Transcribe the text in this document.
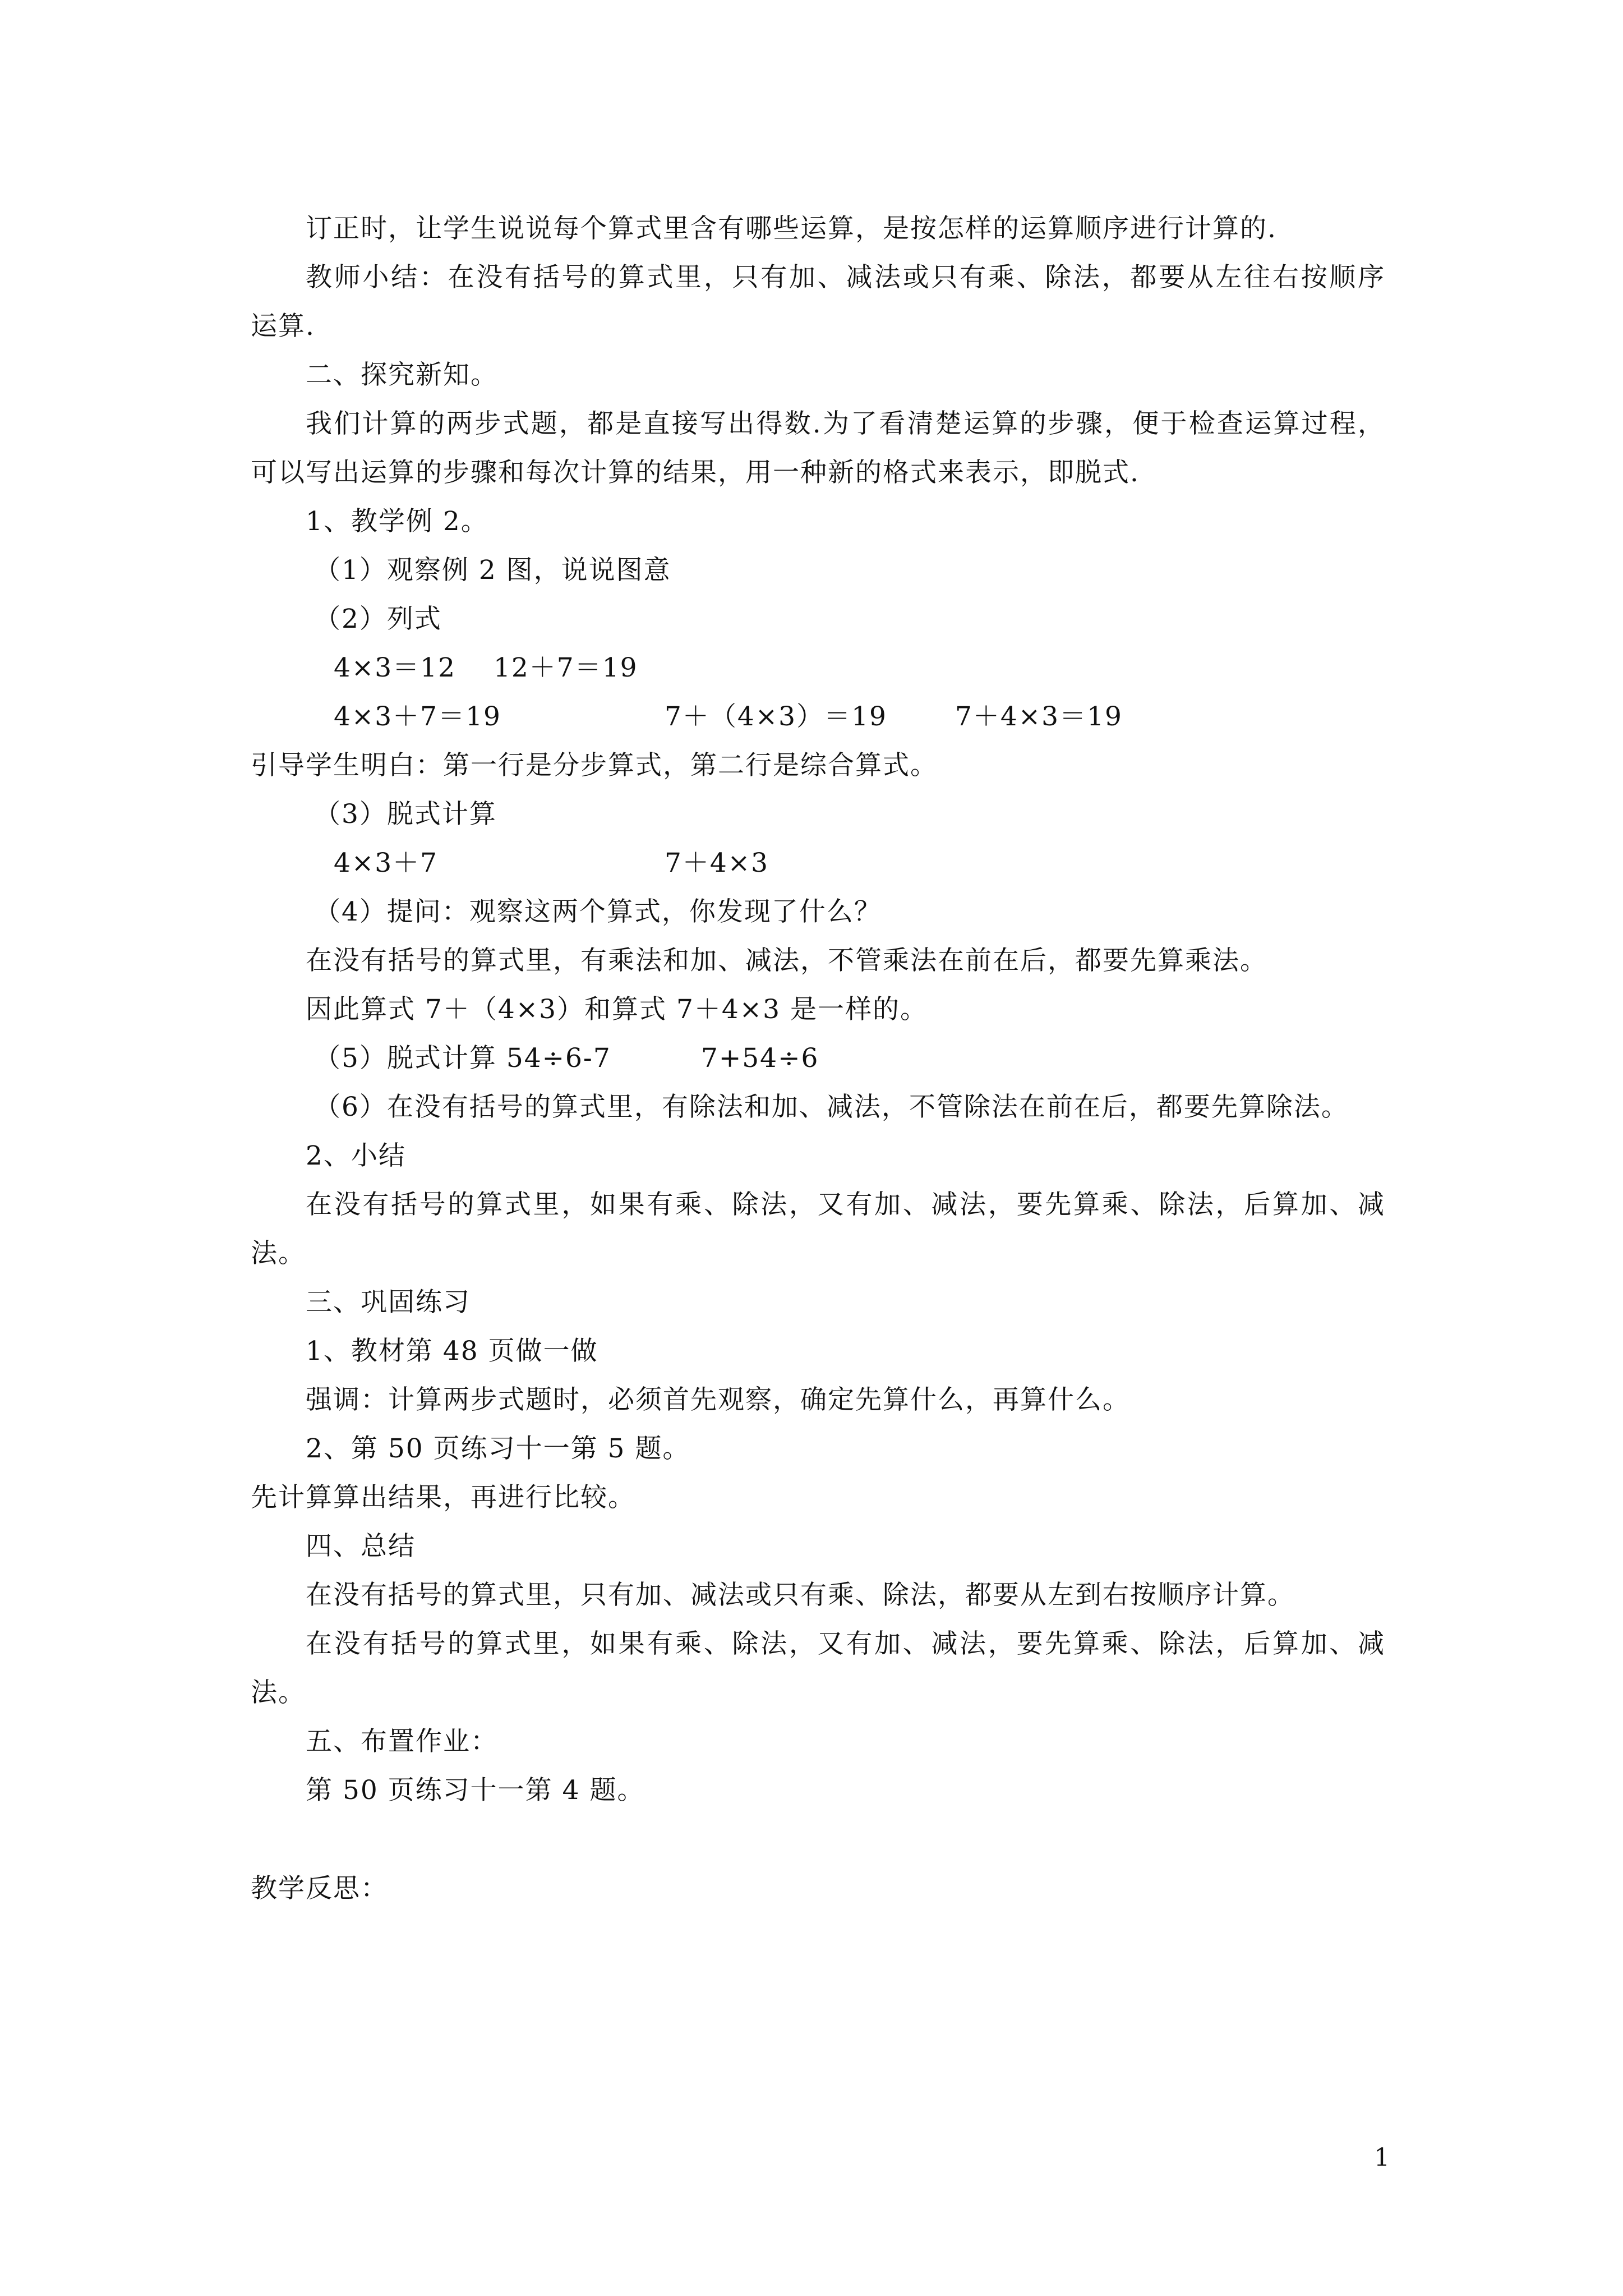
订正时，让学生说说每个算式里含有哪些运算，是按怎样的运算顺序进行计算的.
教师小结：在没有括号的算式里，只有加、减法或只有乘、除法，都要从左往右按顺序
运算.
二、探究新知。
我们计算的两步式题，都是直接写出得数.为了看清楚运算的步骤，便于检查运算过程，
可以写出运算的步骤和每次计算的结果，用一种新的格式来表示，即脱式.
1、教学例 2。
（1）观察例 2 图，说说图意
（2）列式
4×3＝12 12＋7＝19
4×3＋7＝19	7＋（4×3）＝19	7＋4×3＝19
引导学生明白：第一行是分步算式，第二行是综合算式。
（3）脱式计算
4×3＋7	7＋4×3
（4）提问：观察这两个算式，你发现了什么？
在没有括号的算式里，有乘法和加、减法，不管乘法在前在后，都要先算乘法。
因此算式 7＋（4×3）和算式 7＋4×3 是一样的。
（5）脱式计算 54÷6-7	7+54÷6
（6）在没有括号的算式里，有除法和加、减法，不管除法在前在后，都要先算除法。
2、小结
在没有括号的算式里，如果有乘、除法，又有加、减法，要先算乘、除法，后算加、减
法。
三、巩固练习
1、教材第 48 页做一做
强调：计算两步式题时，必须首先观察，确定先算什么，再算什么。
2、第 50 页练习十一第 5 题。
先计算算出结果，再进行比较。
四、总结
在没有括号的算式里，只有加、减法或只有乘、除法，都要从左到右按顺序计算。
在没有括号的算式里，如果有乘、除法，又有加、减法，要先算乘、除法，后算加、减
法。
五、布置作业：
第 50 页练习十一第 4 题。
教学反思：
1
